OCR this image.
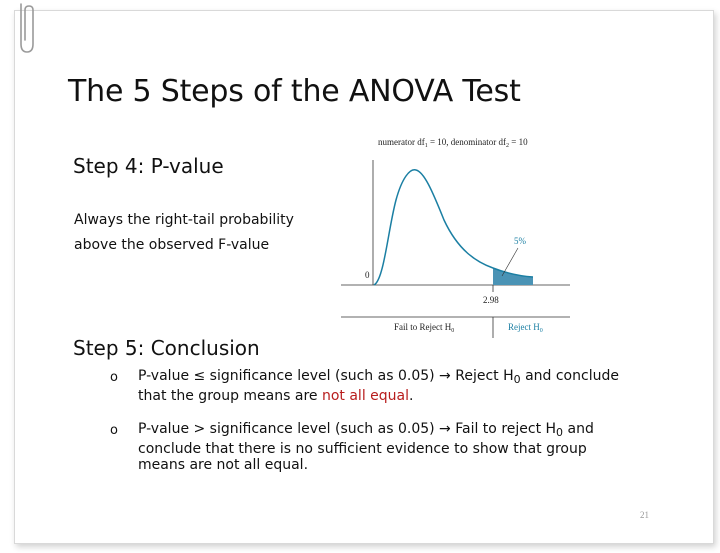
The 5 Steps of the ANOVA Test
Step 4: P-value
Always the right-tail probability
above the observed F-value
numerator $df_1 = 10$, denominator $df_2 = 10$
0
2.98
5%
Fail to Reject $H_0$	Reject $H_0$
Step 5: Conclusion
o P-value ≤ significance level (such as 0.05) → Reject $H_0$ and conclude that the group means are not all equal.
o P-value > significance level (such as 0.05) → Fail to reject $H_0$ and conclude that there is no sufficient evidence to show that group means are not all equal.
21
